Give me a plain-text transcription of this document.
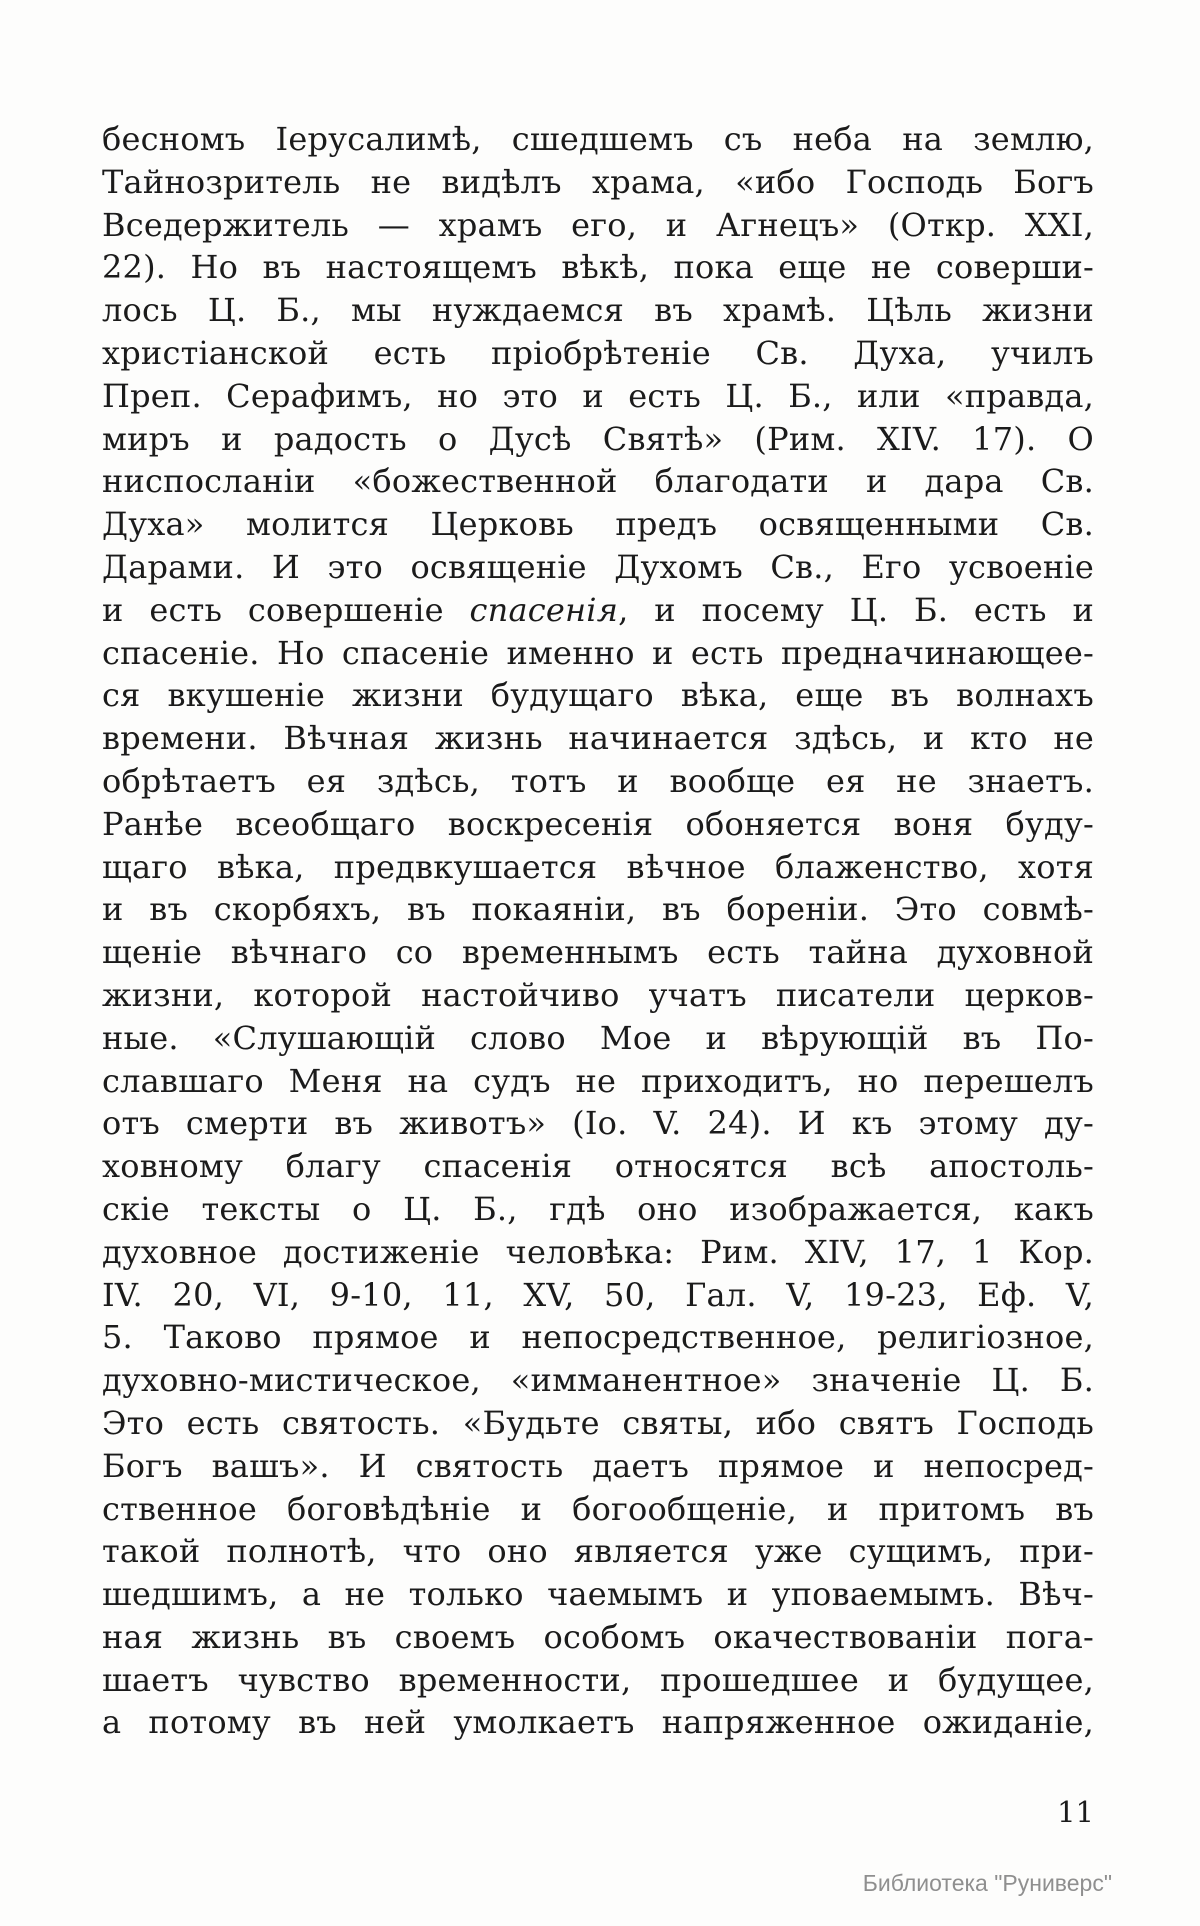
бесномъ Іерусалимѣ, сшедшемъ съ неба на землю,
Тайнозритель не видѣлъ храма, «ибо Господь Богъ
Вседержитель — храмъ его, и Агнецъ» (Откр. XXI,
22). Но въ настоящемъ вѣкѣ, пока еще не соверши-
лось Ц. Б., мы нуждаемся въ храмѣ. Цѣль жизни
христіанской есть пріобрѣтеніе Св. Духа, училъ
Преп. Серафимъ, но это и есть Ц. Б., или «правда,
миръ и радость о Дусѣ Святѣ» (Рим. XIV. 17). О
ниспосланіи «божественной благодати и дара Св.
Духа» молится Церковь предъ освященными Св.
Дарами. И это освященіе Духомъ Св., Его усвоеніе
и есть совершеніе спасенія, и посему Ц. Б. есть и
спасеніе. Но спасеніе именно и есть предначинающее-
ся вкушеніе жизни будущаго вѣка, еще въ волнахъ
времени. Вѣчная жизнь начинается здѣсь, и кто не
обрѣтаетъ ея здѣсь, тотъ и вообще ея не знаетъ.
Ранѣе всеобщаго воскресенія обоняется воня буду-
щаго вѣка, предвкушается вѣчное блаженство, хотя
и въ скорбяхъ, въ покаяніи, въ бореніи. Это совмѣ-
щеніе вѣчнаго со временнымъ есть тайна духовной
жизни, которой настойчиво учатъ писатели церков-
ные. «Слушающій слово Мое и вѣрующій въ По-
славшаго Меня на судъ не приходитъ, но перешелъ
отъ смерти въ животъ» (Іо. V. 24). И къ этому ду-
ховному благу спасенія относятся всѣ апостоль-
скіе тексты о Ц. Б., гдѣ оно изображается, какъ
духовное достиженіе человѣка: Рим. XIV, 17, 1 Кор.
IV. 20, VI, 9-10, 11, XV, 50, Гал. V, 19-23, Еф. V,
5. Таково прямое и непосредственное, религіозное,
духовно-мистическое, «имманентное» значеніе Ц. Б.
Это есть святость. «Будьте святы, ибо святъ Господь
Богъ вашъ». И святость даетъ прямое и непосред-
ственное боговѣдѣніе и богообщеніе, и притомъ въ
такой полнотѣ, что оно является уже сущимъ, при-
шедшимъ, а не только чаемымъ и уповаемымъ. Вѣч-
ная жизнь въ своемъ особомъ окачествованіи пога-
шаетъ чувство временности, прошедшее и будущее,
а потому въ ней умолкаетъ напряженное ожиданіе,
11
Библиотека "Руниверс"
